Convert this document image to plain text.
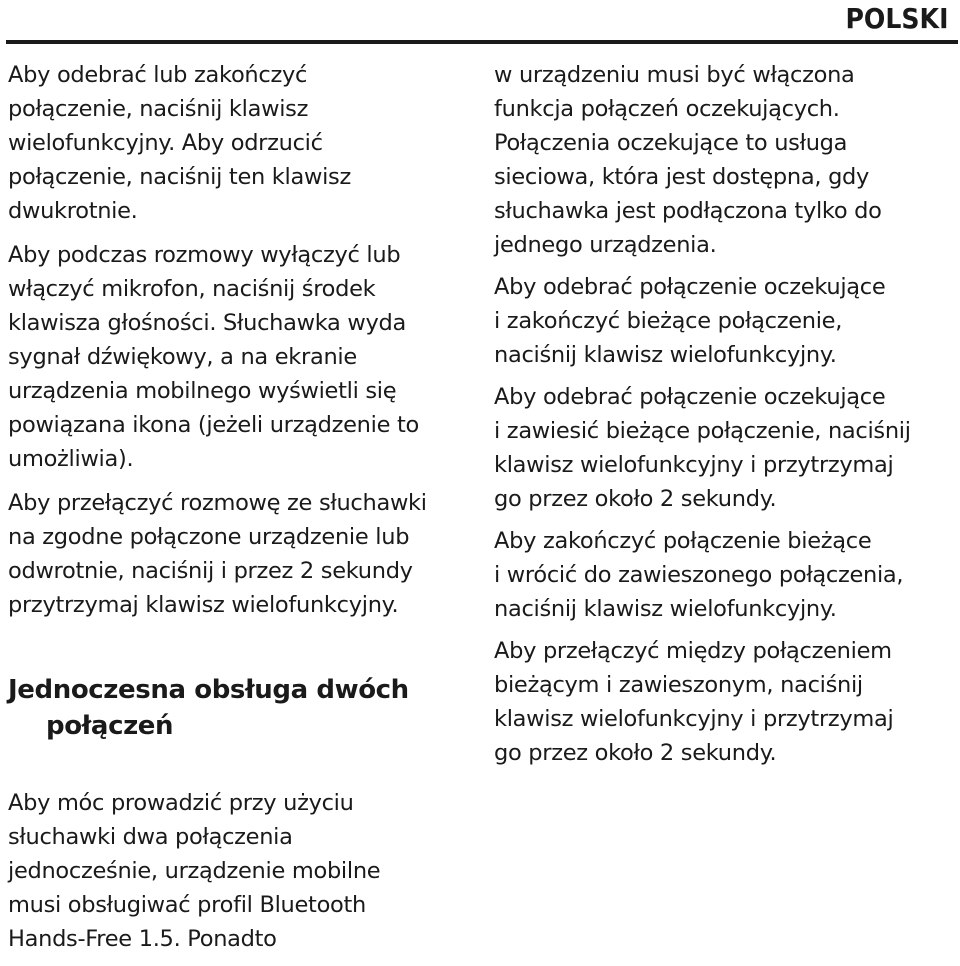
POLSKI

Aby odebrać lub zakończyć
połączenie, naciśnij klawisz
wielofunkcyjny. Aby odrzucić
połączenie, naciśnij ten klawisz
dwukrotnie.

Aby podczas rozmowy wyłączyć lub
włączyć mikrofon, naciśnij środek
klawisza głośności. Słuchawka wyda
sygnał dźwiękowy, a na ekranie
urządzenia mobilnego wyświetli się
powiązana ikona (jeżeli urządzenie to
umożliwia).

Aby przełączyć rozmowę ze słuchawki
na zgodne połączone urządzenie lub
odwrotnie, naciśnij i przez 2 sekundy
przytrzymaj klawisz wielofunkcyjny.

Jednoczesna obsługa dwóch

połączeń

Aby móc prowadzić przy użyciu
słuchawki dwa połączenia
jednocześnie, urządzenie mobilne
musi obsługiwać profil Bluetooth
Hands-Free 1.5. Ponadto

w urządzeniu musi być włączona
funkcja połączeń oczekujących.
Połączenia oczekujące to usługa
sieciowa, która jest dostępna, gdy
słuchawka jest podłączona tylko do
jednego urządzenia.

Aby odebrać połączenie oczekujące
i zakończyć bieżące połączenie,
naciśnij klawisz wielofunkcyjny.

Aby odebrać połączenie oczekujące
i zawiesić bieżące połączenie, naciśnij
klawisz wielofunkcyjny i przytrzymaj
go przez około 2 sekundy.

Aby zakończyć połączenie bieżące
i wrócić do zawieszonego połączenia,
naciśnij klawisz wielofunkcyjny.

Aby przełączyć między połączeniem
bieżącym i zawieszonym, naciśnij
klawisz wielofunkcyjny i przytrzymaj
go przez około 2 sekundy.
